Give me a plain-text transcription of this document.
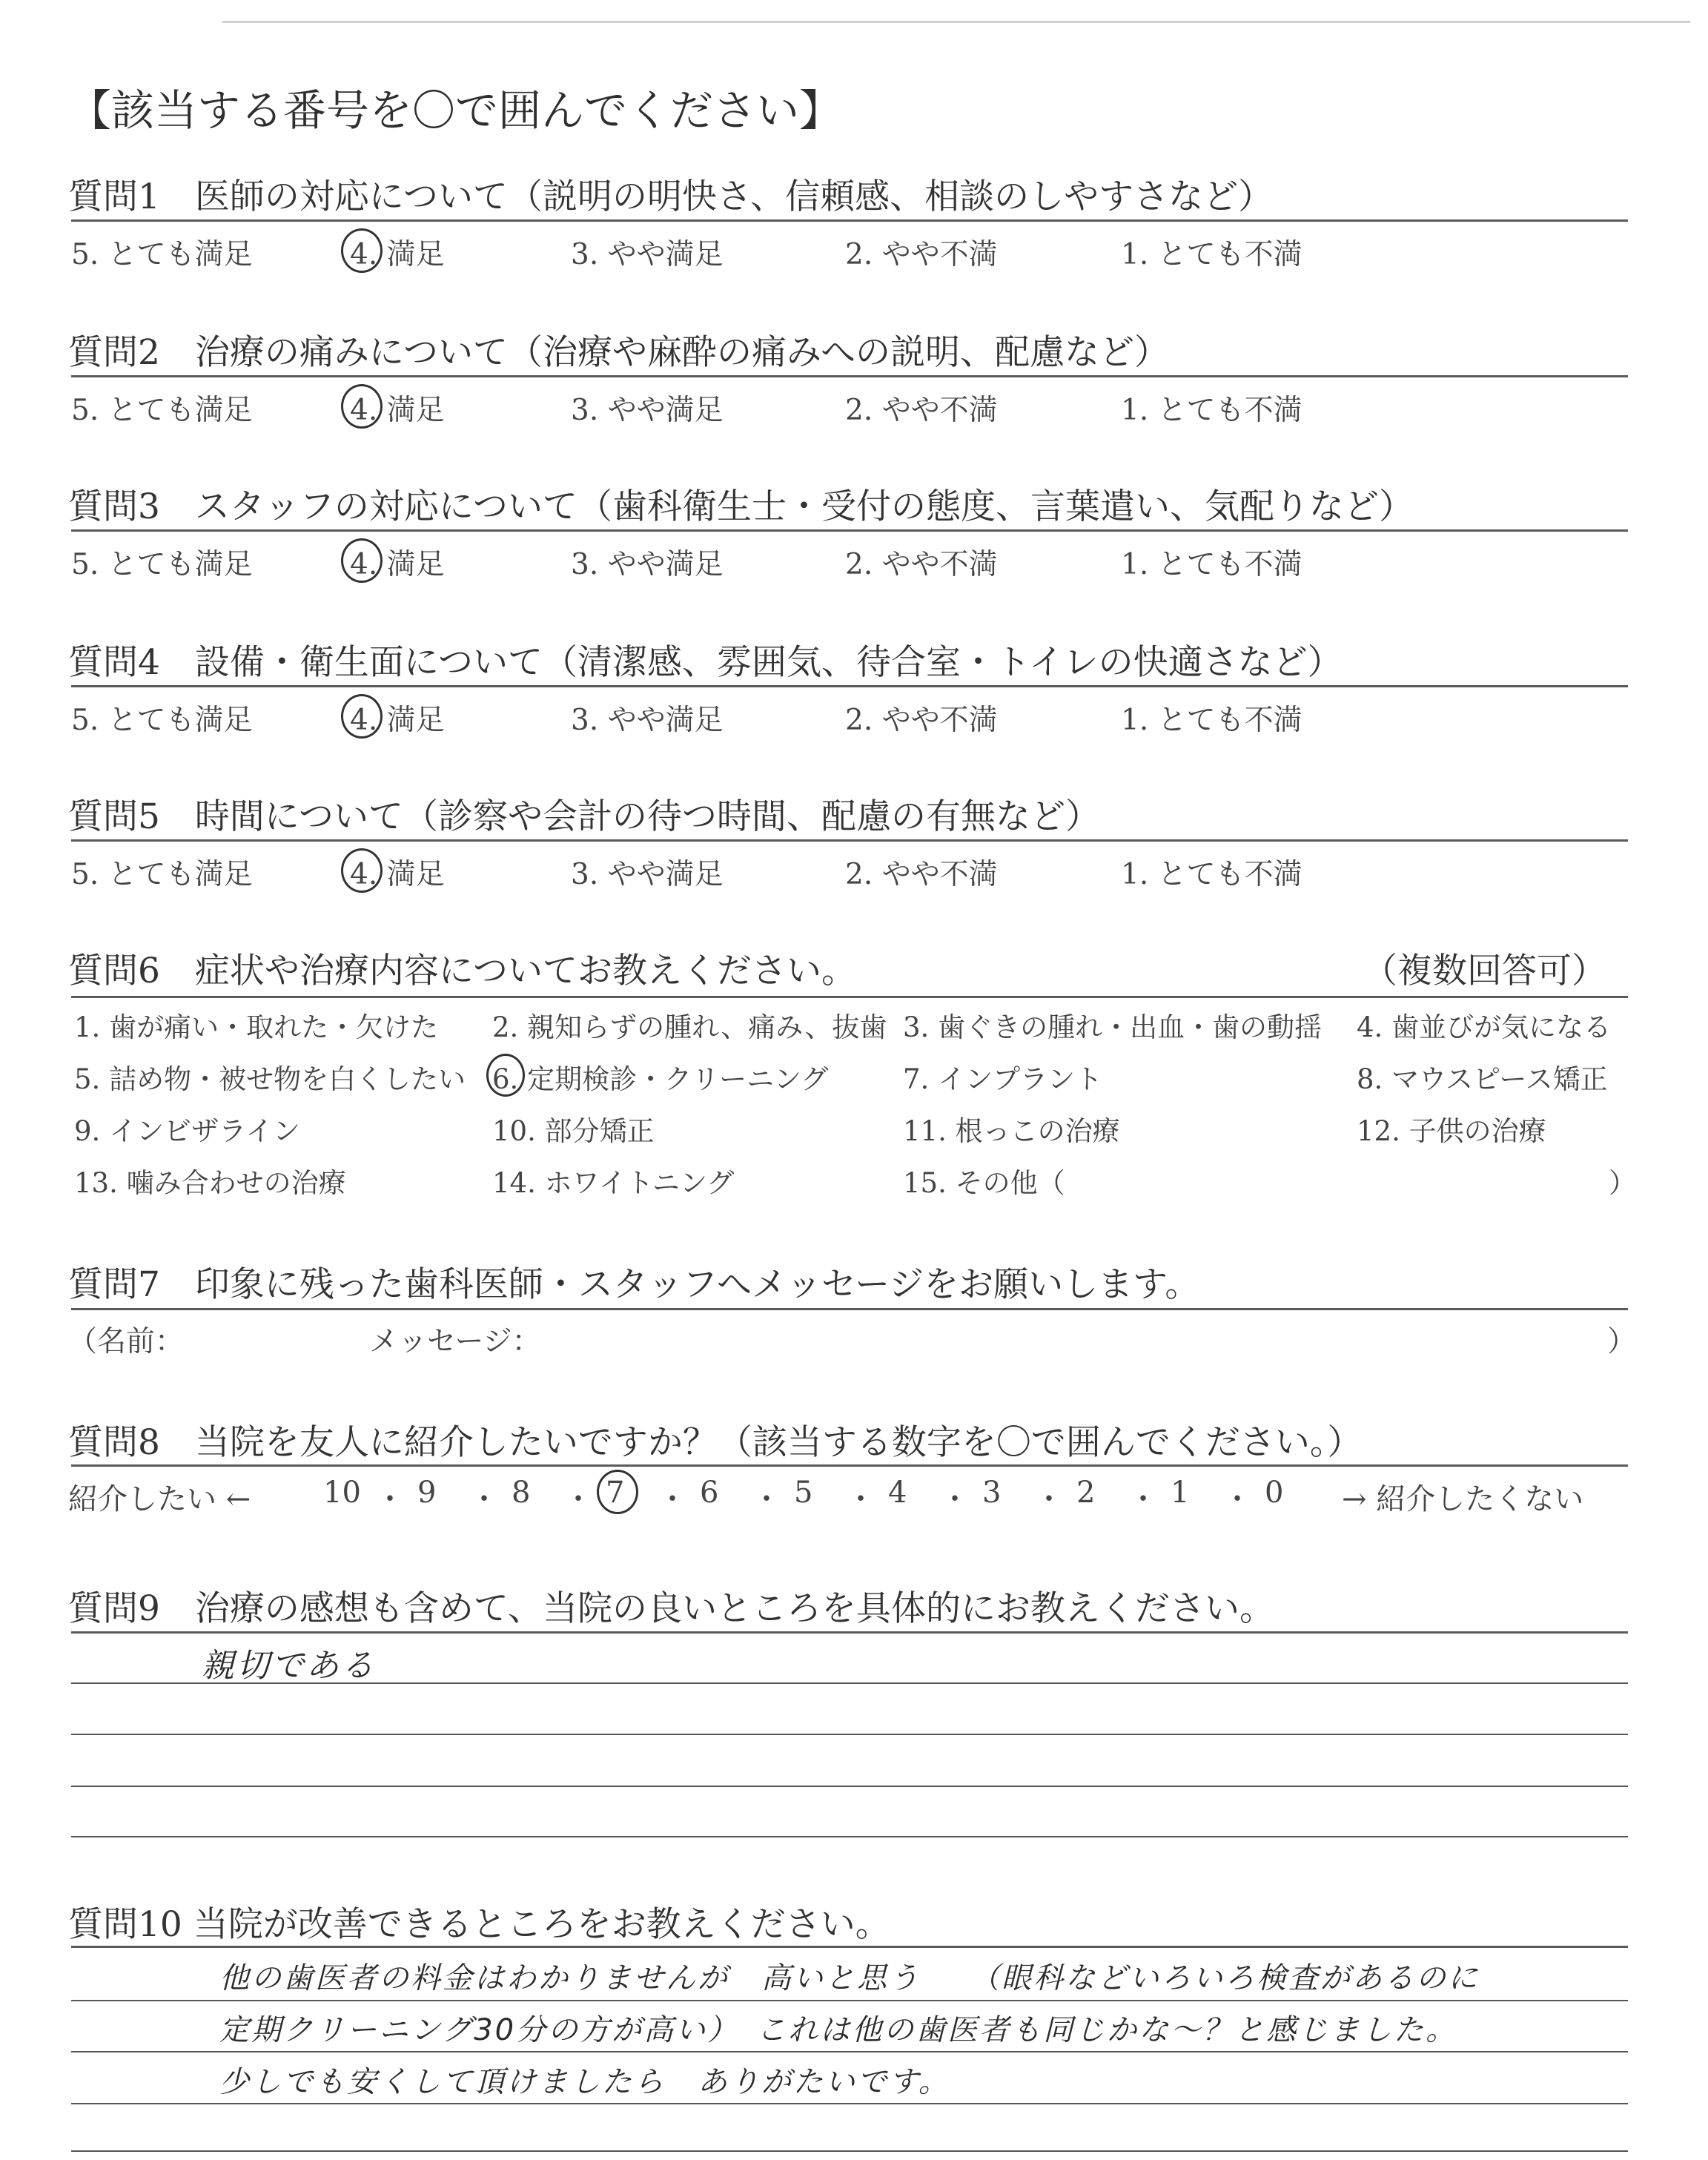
【該当する番号を〇で囲んでください】
質問1　医師の対応について（説明の明快さ、信頼感、相談のしやすさなど）
5. とても満足	4. 満足	3. やや満足	2. やや不満	1. とても不満
質問2　治療の痛みについて（治療や麻酔の痛みへの説明、配慮など）
5. とても満足	4. 満足	3. やや満足	2. やや不満	1. とても不満
質問3　スタッフの対応について（歯科衛生士・受付の態度、言葉遣い、気配りなど）
5. とても満足	4. 満足	3. やや満足	2. やや不満	1. とても不満
質問4　設備・衛生面について（清潔感、雰囲気、待合室・トイレの快適さなど）
5. とても満足	4. 満足	3. やや満足	2. やや不満	1. とても不満
質問5　時間について（診察や会計の待つ時間、配慮の有無など）
5. とても満足	4. 満足	3. やや満足	2. やや不満	1. とても不満
質問6　症状や治療内容についてお教えください。	（複数回答可）
1. 歯が痛い・取れた・欠けた 2. 親知らずの腫れ、痛み、抜歯 3. 歯ぐきの腫れ・出血・歯の動揺 4. 歯並びが気になる
5. 詰め物・被せ物を白くしたい 6. 定期検診・クリーニング	7. インプラント	8. マウスピース矯正
9. インビザライン	10. 部分矯正	11. 根っこの治療	12. 子供の治療
13. 噛み合わせの治療	14. ホワイトニング	15. その他（	）
質問7　印象に残った歯科医師・スタッフへメッセージをお願いします。
（名前：	メッセージ：	）
質問8　当院を友人に紹介したいですか？（該当する数字を〇で囲んでください。）
紹介したい ←	→ 紹介したくない
10 ・ 9 ・ 8 ・ 7 ・ 6 ・ 5 ・ 4 ・ 3 ・ 2 ・ 1 ・ 0
質問9　治療の感想も含めて、当院の良いところを具体的にお教えください。
親切である
質問10 当院が改善できるところをお教えください。
他の歯医者の料金はわかりませんが　高いと思う　　（眼科などいろいろ検査があるのに
定期クリーニング30分の方が高い）　これは他の歯医者も同じかな～？と感じました。
少しでも安くして頂けましたら　ありがたいです。
